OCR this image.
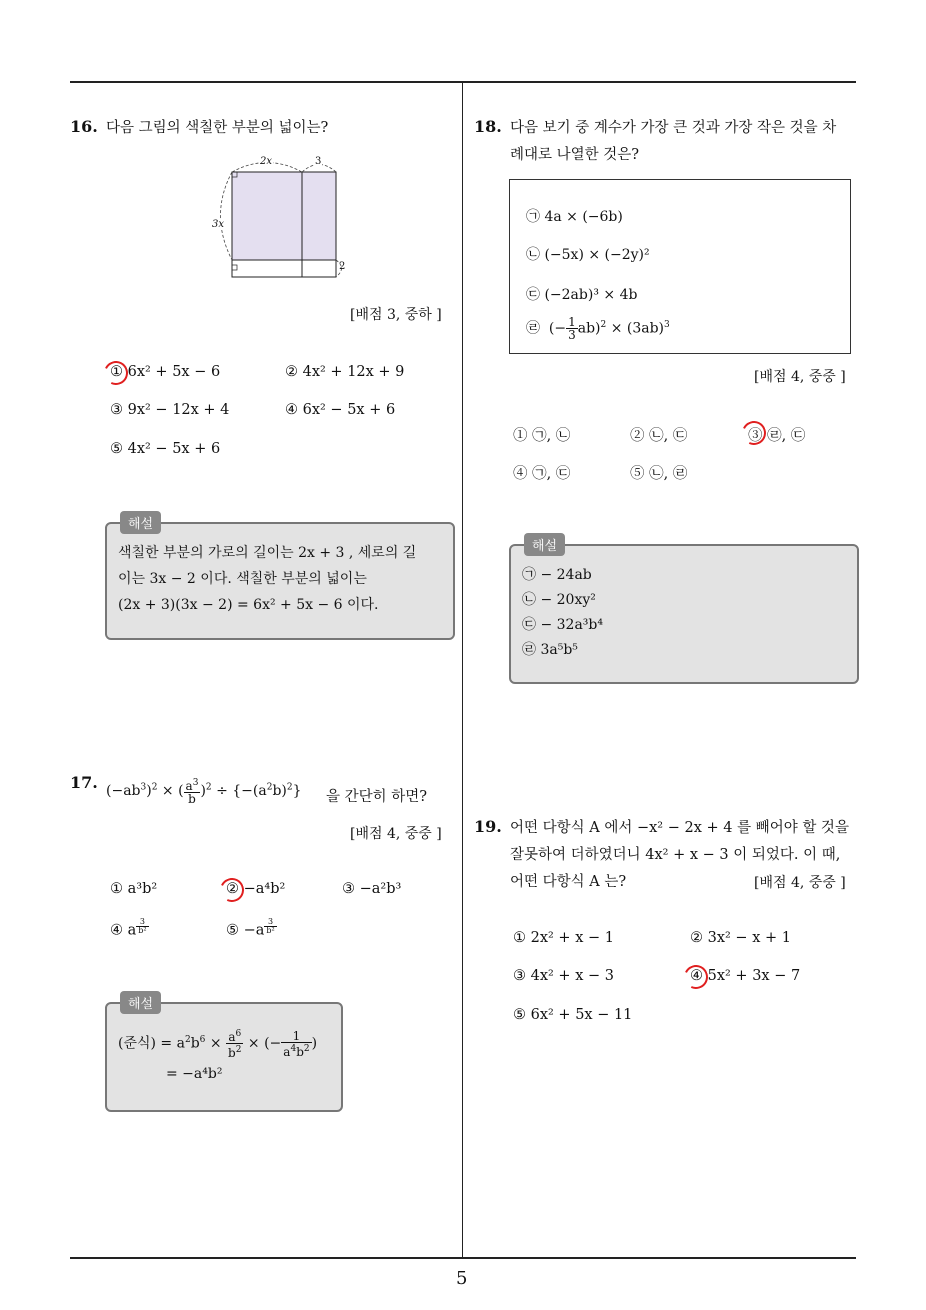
5
16. 다음 그림의 색칠한 부분의 넓이는?
2x	3
3x
2
[배점 3, 중하 ]
① 6x² + 5x − 6	② 4x² + 12x + 9
③ 9x² − 12x + 4	④ 6x² − 5x + 6
⑤ 4x² − 5x + 6
해설
색칠한 부분의 가로의 길이는 2x + 3 , 세로의 길
이는 3x − 2 이다. 색칠한 부분의 넓이는
(2x + 3)(3x − 2) = 6x² + 5x − 6 이다.
17. $(-ab^3)^2$ × ( $\frac{a^3}{b} )^2 \div \{-(a^2b)^2\}$ 을 간단히 하면?
[배점 4, 중중 ]
① a³b²	② −a⁴b²	③ −a²b³
④ a $^{\frac{3}{\text{b²}}}$	⑤ −a $^{\frac{3}{\text{b²}}}$
해설
(준식) = $a^2b^6 \times \frac{a^6}{b^2}$ × (− $\frac{1}{a^4b^2}$ )
= −a⁴b²
18. 다음 보기 중 계수가 가장 큰 것과 가장 작은 것을 차
례대로 나열한 것은?
㉠ 4a × (−6b)
㉡ (−5x) × (−2y)²
㉢ (−2ab)³ × 4b
㉣  (− $\frac{1}{3} ab)^2 \times (3ab)^3$
[배점 4, 중중 ]
① ㉠, ㉡	② ㉡, ㉢	③ ㉣, ㉢
④ ㉠, ㉢	⑤ ㉡, ㉣
해설
㉠ − 24ab
㉡ − 20xy²
㉢ − 32a³b⁴
㉣ 3a⁵b⁵
19. 어떤 다항식 A 에서 −x² − 2x + 4 를 빼어야 할 것을
잘못하여 더하였더니 4x² + x − 3 이 되었다. 이 때,
어떤 다항식 A 는?	[배점 4, 중중 ]
① 2x² + x − 1	② 3x² − x + 1
③ 4x² + x − 3	④ 5x² + 3x − 7
⑤ 6x² + 5x − 11
